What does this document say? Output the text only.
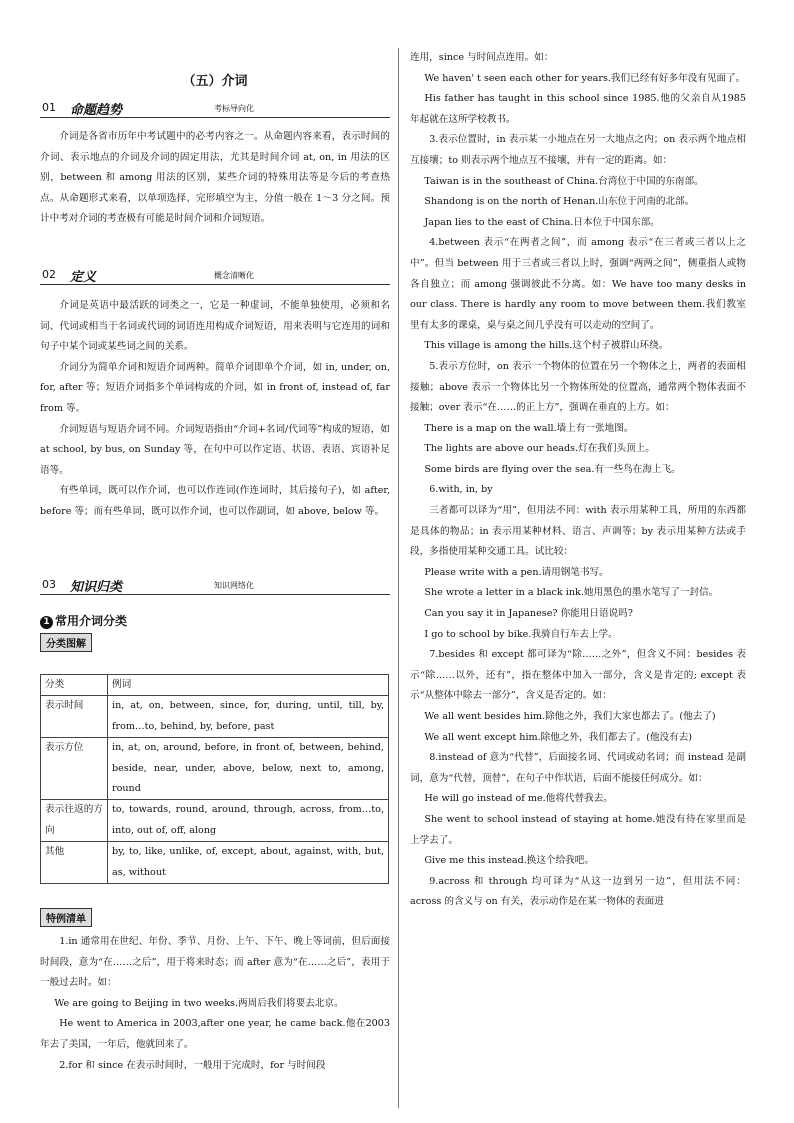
（五）介词
01 命题趋势	考标导向化

介词是各省市历年中考试题中的必考内容之一。从命题内容来看，表示时间的介词、表示地点的介词及介词的固定用法，尤其是时间介词 at, on, in 用法的区别，between 和 among 用法的区别，某些介词的特殊用法等是今后的考查热点。从命题形式来看，以单项选择、完形填空为主，分值一般在 1～3 分之间。预计中考对介词的考查极有可能是时间介词和介词短语。

02 定义	概念清晰化

介词是英语中最活跃的词类之一，它是一种虚词，不能单独使用，必须和名词、代词或相当于名词或代词的词语连用构成介词短语，用来表明与它连用的词和句子中某个词或某些词之间的关系。

介词分为简单介词和短语介词两种。简单介词即单个介词，如 in, under, on, for, after 等；短语介词指多个单词构成的介词，如 in front of, instead of, far from 等。

介词短语与短语介词不同。介词短语指由“介词+名词/代词等”构成的短语，如 at school, by bus, on Sunday 等，在句中可以作定语、状语、表语、宾语补足语等。

有些单词，既可以作介词，也可以作连词(作连词时，其后接句子)，如 after, before 等；而有些单词，既可以作介词，也可以作副词，如 above, below 等。

03 知识归类	知识网络化
1 常用介词分类
分类图解
分类	例词
表示时间	in, at, on, between, since, for, during, until, till, by, from…to, behind, by, before, past
表示方位	in, at, on, around, before, in front of, between, behind, beside, near, under, above, below, next to, among, round
表示往返的方向	to, towards, round, around, through, across, from…to, into, out of, off, along
其他	by, to, like, unlike, of, except, about, against, with, but, as, without
特例清单

1.in 通常用在世纪、年份、季节、月份、上午、下午、晚上等词前，但后面接时间段，意为“在……之后”，用于将来时态；而 after 意为“在……之后”，表用于一般过去时。如：

We are going to Beijing in two weeks.两周后我们将要去北京。

He went to America in 2003,after one year, he came back.他在2003 年去了美国，一年后，他就回来了。

2.for 和 since 在表示时间时，一般用于完成时，for 与时间段

连用，since 与时间点连用。如：

We haven' t seen each other for years.我们已经有好多年没有见面了。

His father has taught in this school since 1985.他的父亲自从1985 年起就在这所学校教书。

3.表示位置时，in 表示某一小地点在另一大地点之内；on 表示两个地点相互接壤；to 则表示两个地点互不接壤，并有一定的距离。如：

Taiwan is in the southeast of China.台湾位于中国的东南部。

Shandong is on the north of Henan.山东位于河南的北部。

Japan lies to the east of China.日本位于中国东部。

4.between 表示“在两者之间”，而 among 表示“在三者或三者以上之中”。但当 between 用于三者或三者以上时，强调“两两之间”，侧重指人或物各自独立；而 among 强调彼此不分离。如：We have too many desks in our class. There is hardly any room to move between them.我们教室里有太多的课桌，桌与桌之间几乎没有可以走动的空间了。

This village is among the hills.这个村子被群山环绕。

5.表示方位时，on 表示一个物体的位置在另一个物体之上，两者的表面相接触；above 表示一个物体比另一个物体所处的位置高，通常两个物体表面不接触；over 表示“在……的正上方”，强调在垂直的上方。如：

There is a map on the wall.墙上有一张地图。

The lights are above our heads.灯在我们头顶上。

Some birds are flying over the sea.有一些鸟在海上飞。

6.with, in, by

三者都可以译为“用”，但用法不同：with 表示用某种工具，所用的东西都是具体的物品；in 表示用某种材料、语言、声调等；by 表示用某种方法或手段，多指使用某种交通工具。试比较：

Please write with a pen.请用钢笔书写。

She wrote a letter in a black ink.她用黑色的墨水笔写了一封信。

Can you say it in Japanese? 你能用日语说吗?

I go to school by bike.我骑自行车去上学。

7.besides 和 except 都可译为“除……之外”，但含义不同：besides 表示“除……以外，还有”，指在整体中加入一部分，含义是肯定的; except 表示“从整体中除去一部分”，含义是否定的。如：

We all went besides him.除他之外，我们大家也都去了。(他去了)

We all went except him.除他之外，我们都去了。(他没有去)

8.instead of 意为“代替”，后面接名词、代词或动名词；而 instead 是副词，意为“代替，顶替”，在句子中作状语，后面不能接任何成分。如：

He will go instead of me.他将代替我去。

She went to school instead of staying at home.她没有待在家里而是上学去了。

Give me this instead.换这个给我吧。

9.across 和 through 均可译为“从这一边到另一边”，但用法不同：across 的含义与 on 有关，表示动作是在某一物体的表面进
